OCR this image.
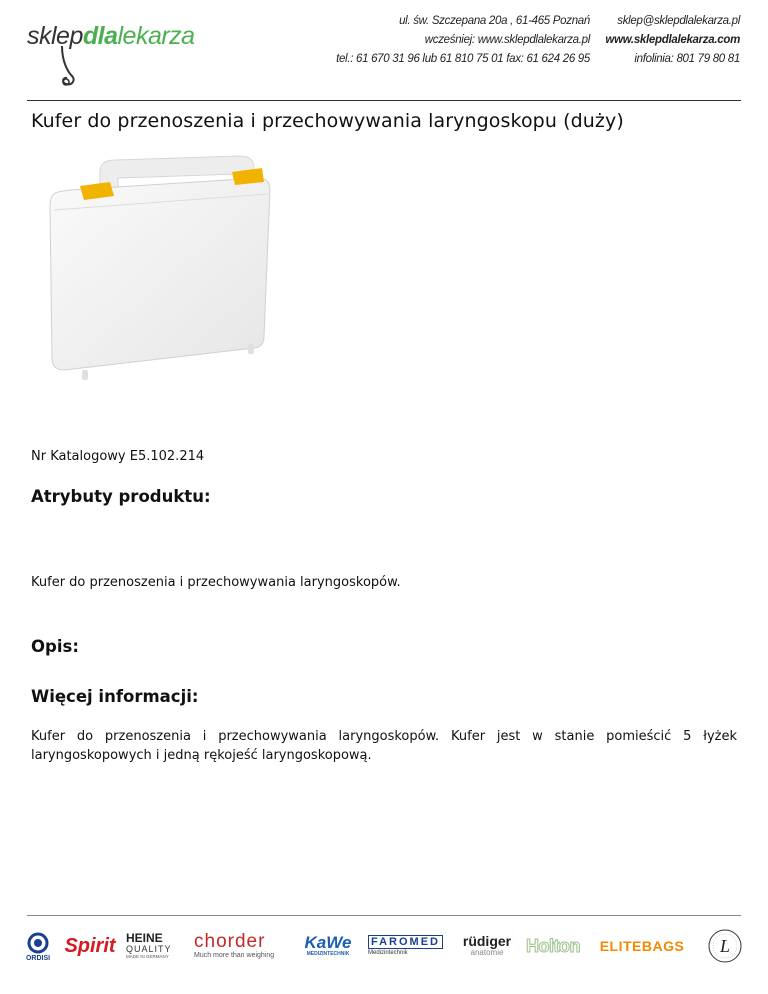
sklepdlalekarza
ul. św. Szczepana 20a , 61-465 Poznań
wcześniej: www.sklepdlalekarza.pl
tel.: 61 670 31 96 lub 61 810 75 01 fax: 61 624 26 95
sklep@sklepdlalekarza.pl
www.sklepdlalekarza.com
infolinia: 801 79 80 81
Kufer do przenoszenia i przechowywania laryngoskopu (duży)
Nr Katalogowy E5.102.214
Atrybuty produktu:
Kufer do przenoszenia i przechowywania laryngoskopów.
Opis:
Więcej informacji:
Kufer do przenoszenia i przechowywania laryngoskopów. Kufer jest w stanie pomieścić 5 łyżek laryngoskopowych i jedną rękojeść laryngoskopową.
ORDISI
Spirit HEINE
QUALITY
MADE IN GERMANY
chorder
Much more than weighing
KaWe
MEDIZINTECHNIK
FAROMED
Medizintechnik
rüdiger
anatomie Holton ELITEBAGS L
